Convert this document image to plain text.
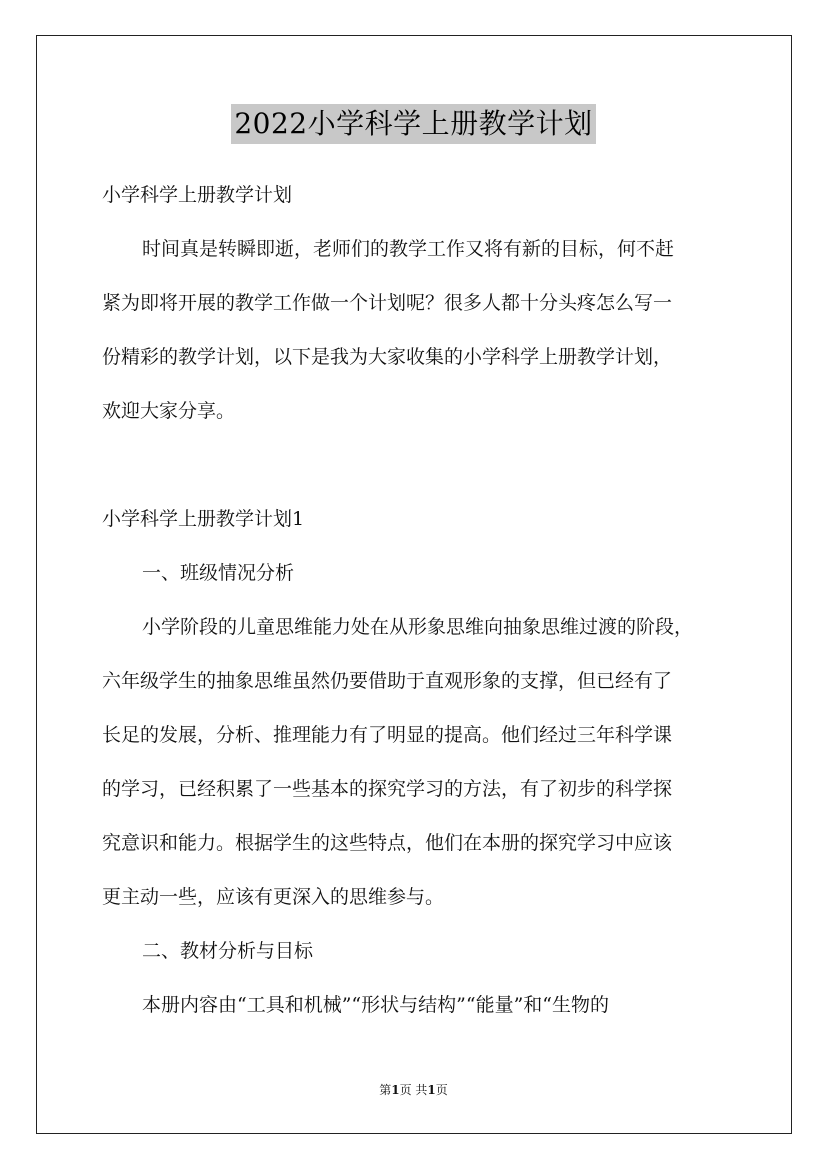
2022小学科学上册教学计划
小学科学上册教学计划
时间真是转瞬即逝，老师们的教学工作又将有新的目标，何不赶
紧为即将开展的教学工作做一个计划呢？很多人都十分头疼怎么写一
份精彩的教学计划，以下是我为大家收集的小学科学上册教学计划，
欢迎大家分享。
小学科学上册教学计划1
一、班级情况分析
小学阶段的儿童思维能力处在从形象思维向抽象思维过渡的阶段，
六年级学生的抽象思维虽然仍要借助于直观形象的支撑，但已经有了
长足的发展，分析、推理能力有了明显的提高。他们经过三年科学课
的学习，已经积累了一些基本的探究学习的方法，有了初步的科学探
究意识和能力。根据学生的这些特点，他们在本册的探究学习中应该
更主动一些，应该有更深入的思维参与。
二、教材分析与目标
本册内容由“工具和机械”“形状与结构”“能量”和“生物的
第1页 共1页
